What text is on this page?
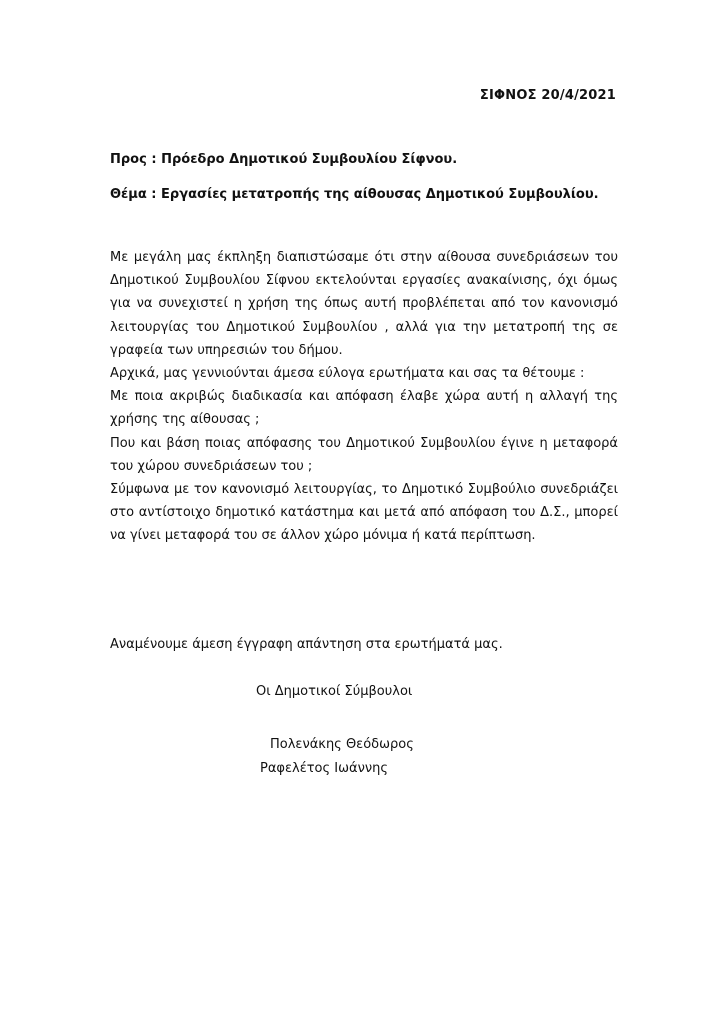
ΣΙΦΝΟΣ 20/4/2021
Προς : Πρόεδρο Δημοτικού Συμβουλίου Σίφνου.
Θέμα : Εργασίες μετατροπής της αίθουσας Δημοτικού Συμβουλίου.

Με μεγάλη μας έκπληξη διαπιστώσαμε ότι στην αίθουσα συνεδριάσεων του Δημοτικού Συμβουλίου Σίφνου εκτελούνται εργασίες ανακαίνισης, όχι όμως για να συνεχιστεί η χρήση της όπως αυτή προβλέπεται από τον κανονισμό λειτουργίας του Δημοτικού Συμβουλίου , αλλά για την μετατροπή της σε γραφεία των υπηρεσιών του δήμου.

Αρχικά, μας γεννιούνται άμεσα εύλογα ερωτήματα και σας τα θέτουμε :

Με ποια ακριβώς διαδικασία και απόφαση έλαβε χώρα αυτή η αλλαγή της χρήσης της αίθουσας ;

Που και βάση ποιας απόφασης του Δημοτικού Συμβουλίου έγινε η μεταφορά του χώρου συνεδριάσεων του ;

Σύμφωνα με τον κανονισμό λειτουργίας, το Δημοτικό Συμβούλιο συνεδριάζει στο αντίστοιχο δημοτικό κατάστημα και μετά από απόφαση του Δ.Σ., μπορεί να γίνει μεταφορά του σε άλλον χώρο μόνιμα ή κατά περίπτωση.

Αναμένουμε άμεση έγγραφη απάντηση στα ερωτήματά μας.
Οι Δημοτικοί Σύμβουλοι
Πολενάκης Θεόδωρος
Ραφελέτος Ιωάννης
